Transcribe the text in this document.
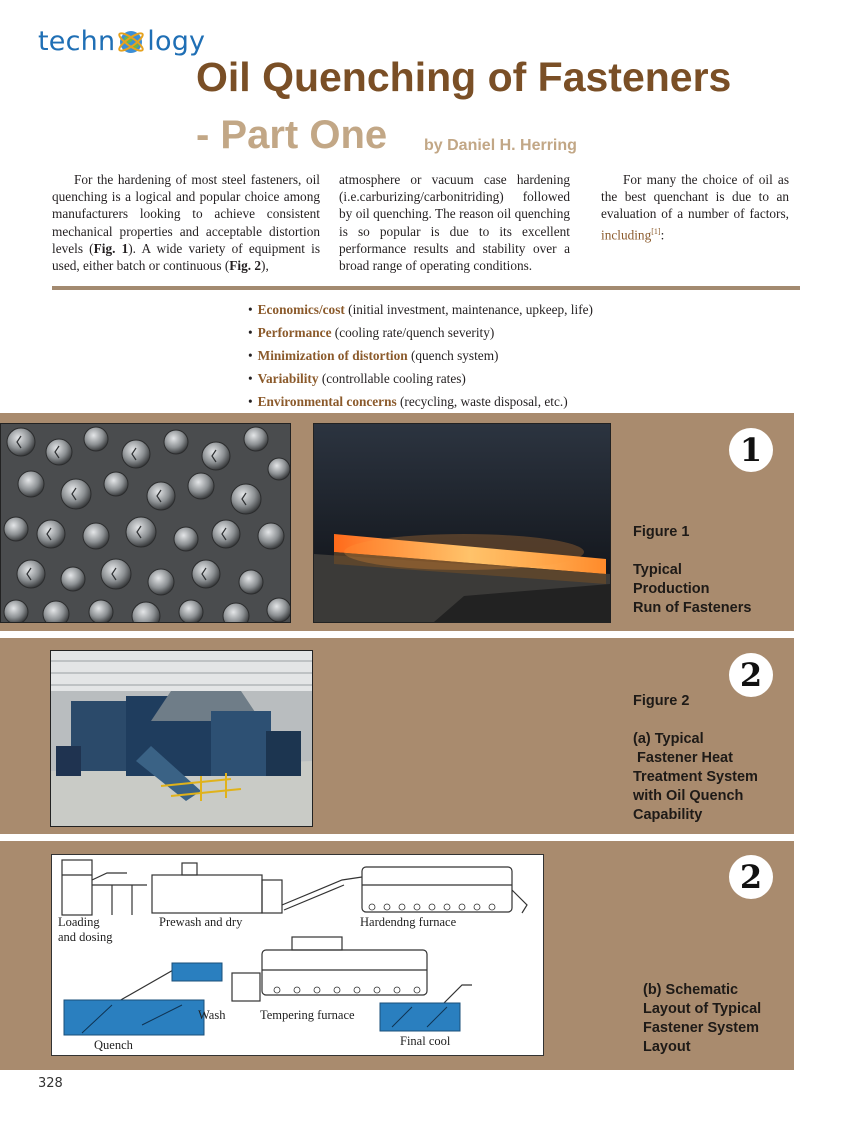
techn logy
Oil Quenching of Fasteners
- Part One by Daniel H. Herring

For the hardening of most steel fasteners, oil quenching is a logical and popular choice among manufacturers looking to achieve consistent mechanical properties and acceptable distortion levels (Fig. 1). A wide variety of equipment is used, either batch or continuous (Fig. 2),

atmosphere or vacuum case hardening (i.e.carburizing/carbonitriding) followed by oil quenching. The reason oil quenching is so popular is due to its excellent performance results and stability over a broad range of operating conditions.

For many the choice of oil as the best quenchant is due to an evaluation of a number of factors, including[1]:

• Economics/cost (initial investment, maintenance, upkeep, life)
• Performance (cooling rate/quench severity)
• Minimization of distortion (quench system)
• Variability (controllable cooling rates)
• Environmental concerns (recycling, waste disposal, etc.)
1
Figure 1

Typical
Production
Run of Fasteners
2
Figure 2

(a) Typical
Fastener Heat
Treatment System
with Oil Quench
Capability
2
(b) Schematic
Layout of Typical
Fastener System
Layout
Loading
and dosing
Prewash and dry	Hardendng furnace
Wash	Tempering furnace
Quench	Final cool
328
